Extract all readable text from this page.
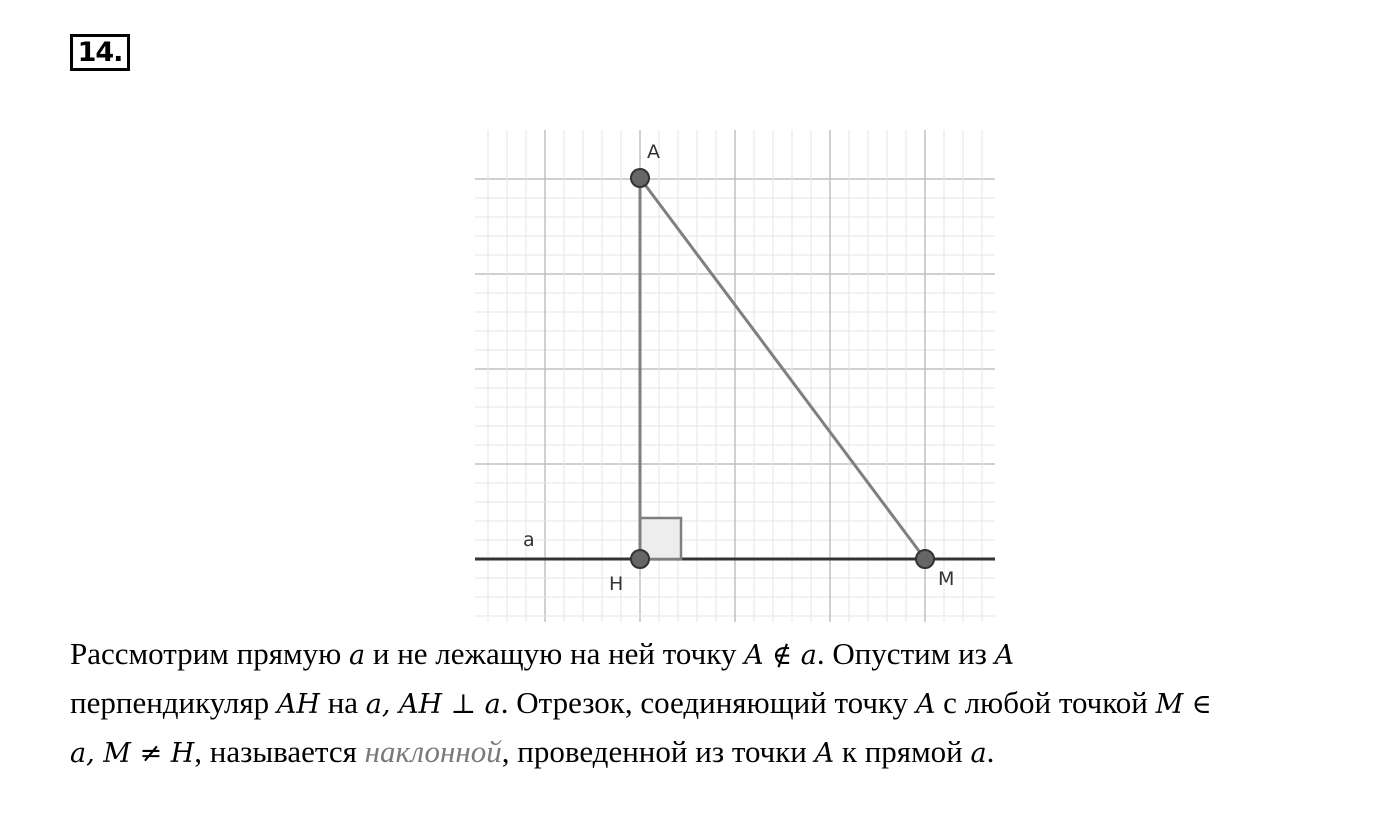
14.
A
H	M
a
Рассмотрим прямую a и не лежащую на ней точку A ∉ a. Опустим из A
перпендикуляр AH на a, AH ⊥ a. Отрезок, соединяющий точку A с любой точкой M ∈
a, M ≠ H, называется наклонной, проведенной из точки A к прямой a.
